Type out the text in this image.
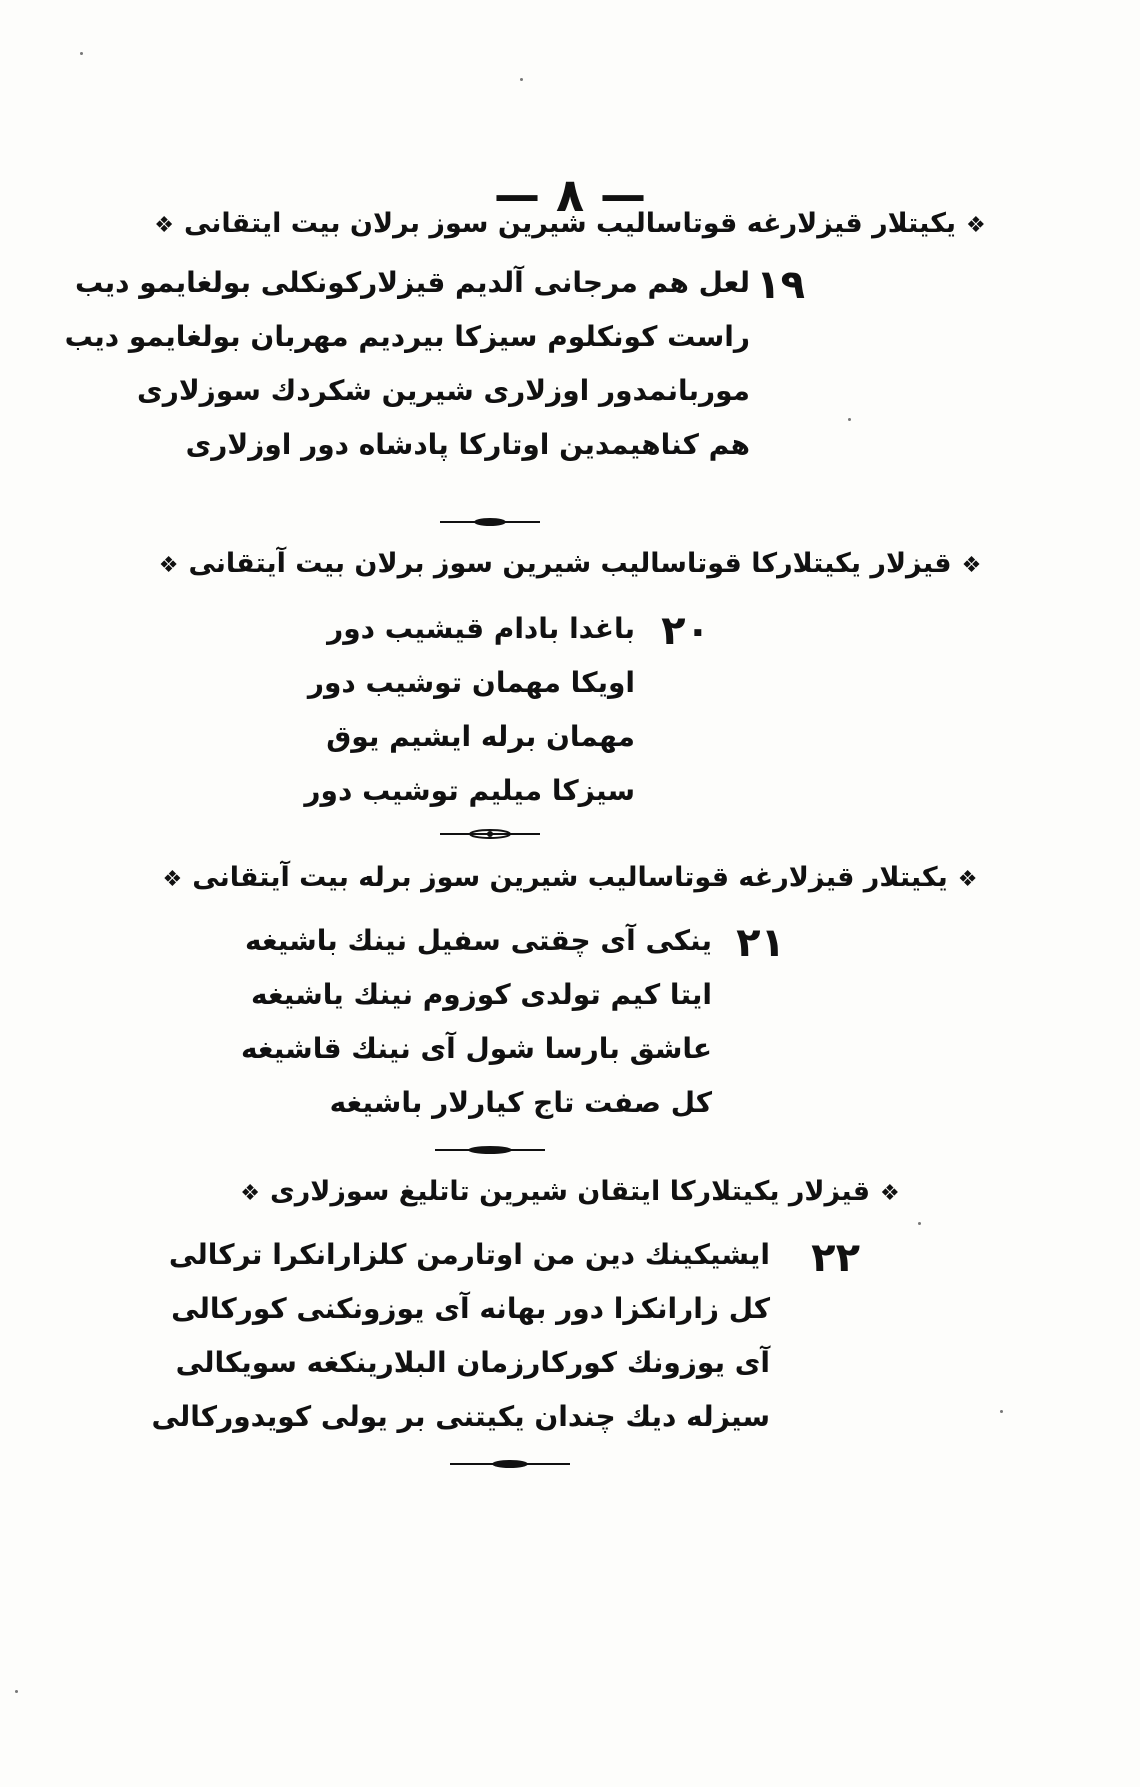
— ٨ —
❖يكيتلار قيزلارغه قوتاساليب شيرين سوز برلان بيت ايتقانى❖
١٩
لعل هم مرجانى آلديم قيزلاركونكلى بولغايمو ديب
راست كونكلوم سيزكا بيرديم مهربان بولغايمو ديب
موربانمدور اوزلارى شيرين شكردك سوزلارى
هم كناهيمدين اوتاركا پادشاه دور اوزلارى
❖قيزلار يكيتلاركا قوتاساليب شيرين سوز برلان بيت آيتقانى❖
٢٠
باغدا بادام قيشيب دور
اويكا مهمان توشيب دور
مهمان برله ايشيم يوق
سيزكا ميليم توشيب دور
❖يكيتلار قيزلارغه قوتاساليب شيرين سوز برله بيت آيتقانى❖
٢١
ينكى آى چقتى سفيل نينك باشيغه
ايتا كيم تولدى كوزوم نينك ياشيغه
عاشق بارسا شول آى نينك قاشيغه
كل صفت تاج كيارلار باشيغه
❖قيزلار يكيتلاركا ايتقان شيرين تاتليغ سوزلارى❖
٢٢
ايشيكينك دين من اوتارمن كلزارانكرا تركالى
كل زارانكزا دور بهانه آى يوزونكنى كوركالى
آى يوزونك كوركارزمان البلارينكغه سويكالى
سيزله ديك چندان يكيتنى بر يولى كويدوركالى
